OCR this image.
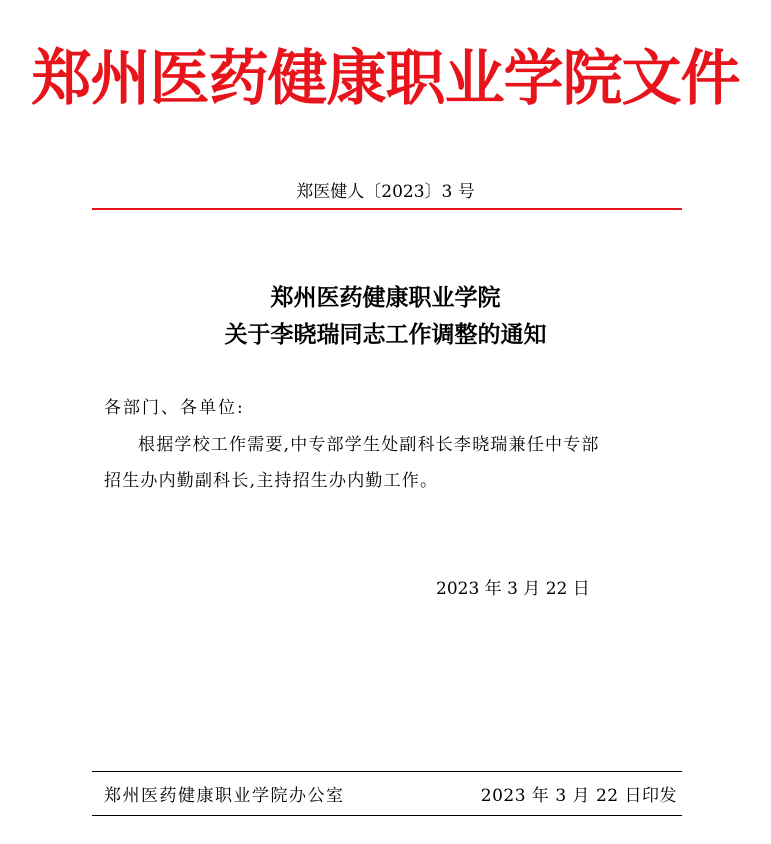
郑州医药健康职业学院文件
郑医健人〔2023〕3 号
郑州医药健康职业学院
关于李晓瑞同志工作调整的通知
各部门、各单位:
根据学校工作需要,中专部学生处副科长李晓瑞兼任中专部
招生办内勤副科长,主持招生办内勤工作。
2023 年 3 月 22 日
郑州医药健康职业学院办公室	2023 年 3 月 22 日印发
